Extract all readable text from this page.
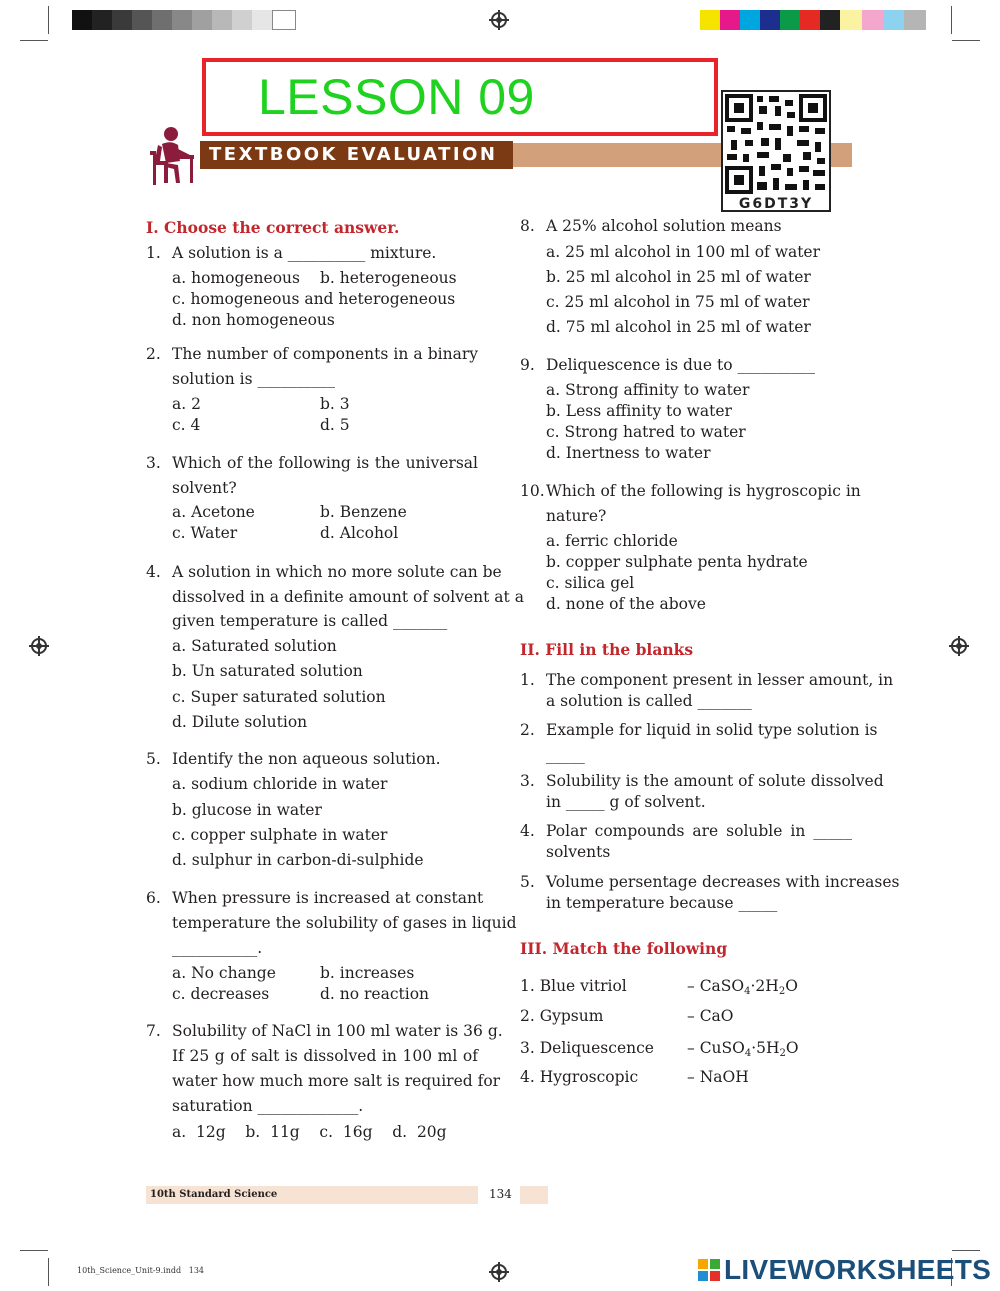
LESSON 09
TEXTBOOK EVALUATION
G6DT3Y
I. Choose the correct answer.
1. A solution is a __________ mixture.
a. homogeneous b. heterogeneous
c. homogeneous and heterogeneous
d. non homogeneous
2. The number of components in a binary
solution is __________
a. 2	b. 3
c. 4	d. 5
3. Which of the following is the universal
solvent?
a. Acetone	b. Benzene
c. Water	d. Alcohol
4. A solution in which no more solute can be
dissolved in a definite amount of solvent at a
given temperature is called _______
a. Saturated solution
b. Un saturated solution
c. Super saturated solution
d. Dilute solution
5. Identify the non aqueous solution.
a. sodium chloride in water
b. glucose in water
c. copper sulphate in water
d. sulphur in carbon-di-sulphide
6. When pressure is increased at constant
temperature the solubility of gases in liquid
___________.
a. No change	b. increases
c. decreases	d. no reaction
7. Solubility of NaCl in 100 ml water is 36 g.
If 25 g of salt is dissolved in 100 ml of
water how much more salt is required for
saturation _____________.
a.  12g    b.  11g    c.  16g    d.  20g
8. A 25% alcohol solution means
a. 25 ml alcohol in 100 ml of water
b. 25 ml alcohol in 25 ml of water
c. 25 ml alcohol in 75 ml of water
d. 75 ml alcohol in 25 ml of water
9. Deliquescence is due to __________
a. Strong affinity to water
b. Less affinity to water
c. Strong hatred to water
d. Inertness to water
10. Which of the following is hygroscopic in
nature?
a. ferric chloride
b. copper sulphate penta hydrate
c. silica gel
d. none of the above
II. Fill in the blanks
1. The component present in lesser amount, in
a solution is called _______
2. Example for liquid in solid type solution is
_____
3. Solubility is the amount of solute dissolved
in _____ g of solvent.
4. Polar compounds are soluble in _____
solvents
5. Volume persentage decreases with increases
in temperature because _____
III. Match the following
1. Blue vitriol	– $CaSO_4\cdot 2H_2O$
2. Gypsum	– CaO
3. Deliquescence – $CuSO_4\cdot 5H_2O$
4. Hygroscopic	– NaOH
10th Standard Science	134
10th_Science_Unit-9.indd   134	LIVEWORKSHEETS
